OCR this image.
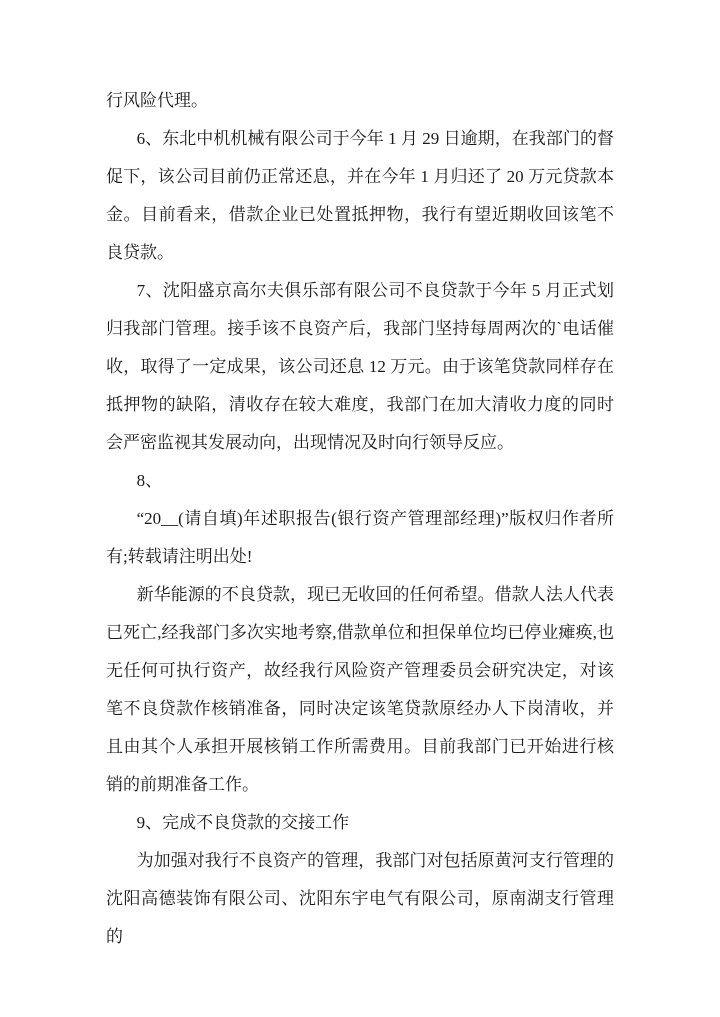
行风险代理。

6、东北中机机械有限公司于今年 1 月 29 日逾期，在我部门的督促下，该公司目前仍正常还息，并在今年 1 月归还了 20 万元贷款本金。目前看来，借款企业已处置抵押物，我行有望近期收回该笔不良贷款。

7、沈阳盛京高尔夫俱乐部有限公司不良贷款于今年 5 月正式划归我部门管理。接手该不良资产后，我部门坚持每周两次的`电话催收，取得了一定成果，该公司还息 12 万元。由于该笔贷款同样存在抵押物的缺陷，清收存在较大难度，我部门在加大清收力度的同时会严密监视其发展动向，出现情况及时向行领导反应。

8、

“20__(请自填)年述职报告(银行资产管理部经理)”版权归作者所有;转载请注明出处!

新华能源的不良贷款，现已无收回的任何希望。借款人法人代表已死亡,经我部门多次实地考察,借款单位和担保单位均已停业瘫痪,也无任何可执行资产，故经我行风险资产管理委员会研究决定，对该笔不良贷款作核销准备，同时决定该笔贷款原经办人下岗清收，并且由其个人承担开展核销工作所需费用。目前我部门已开始进行核销的前期准备工作。

9、完成不良贷款的交接工作

为加强对我行不良资产的管理，我部门对包括原黄河支行管理的沈阳高德装饰有限公司、沈阳东宇电气有限公司，原南湖支行管理的
